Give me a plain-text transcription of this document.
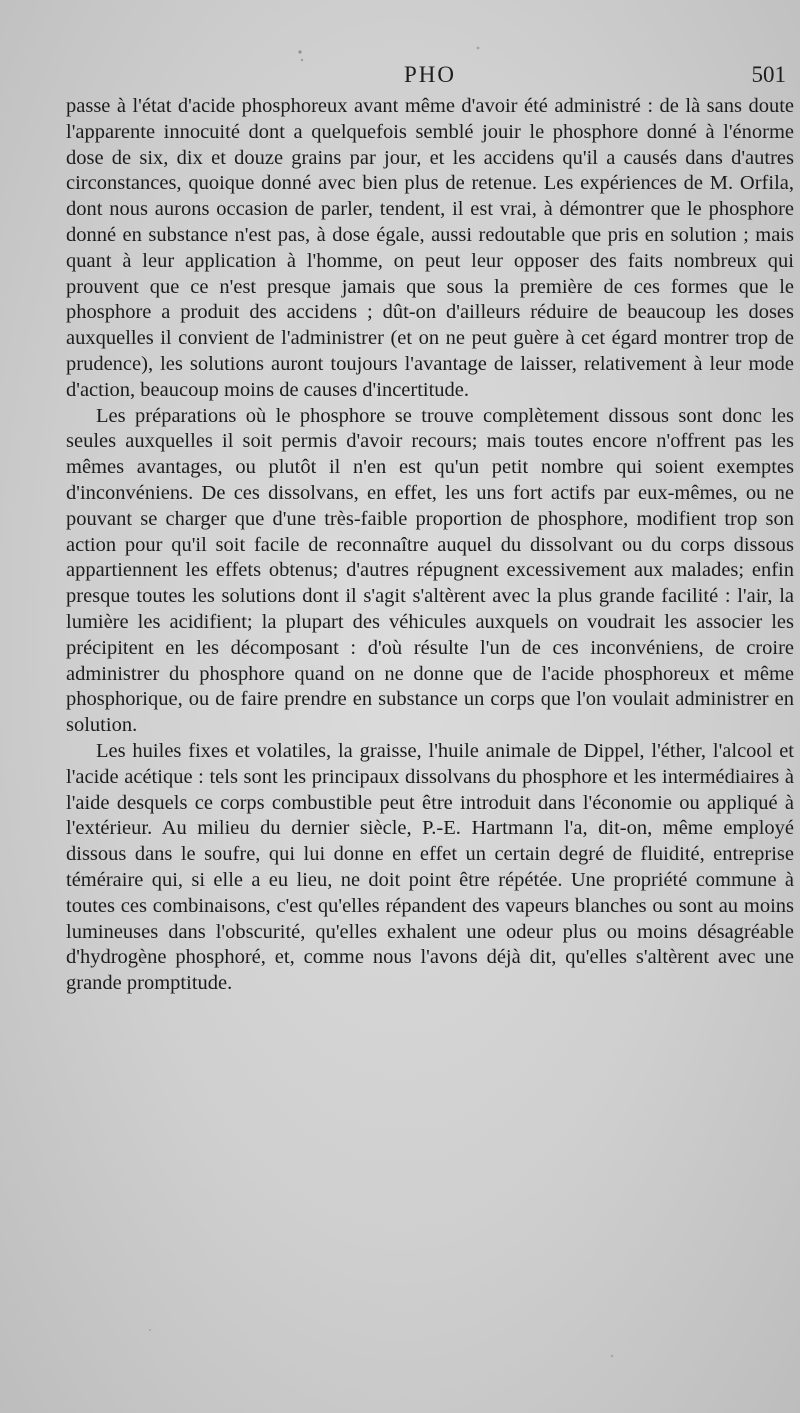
PHO	501

passe à l'état d'acide phosphoreux avant même d'avoir été administré : de là sans doute l'apparente innocuité dont a quelquefois semblé jouir le phosphore donné à l'énorme dose de six, dix et douze grains par jour, et les accidens qu'il a causés dans d'autres circonstances, quoique donné avec bien plus de retenue. Les expériences de M. Orfila, dont nous aurons occasion de parler, tendent, il est vrai, à démontrer que le phosphore donné en substance n'est pas, à dose égale, aussi redoutable que pris en solution ; mais quant à leur application à l'homme, on peut leur opposer des faits nombreux qui prouvent que ce n'est presque jamais que sous la première de ces formes que le phosphore a produit des accidens ; dût-on d'ailleurs réduire de beaucoup les doses auxquelles il convient de l'administrer (et on ne peut guère à cet égard montrer trop de prudence), les solutions auront toujours l'avantage de laisser, relativement à leur mode d'action, beaucoup moins de causes d'incertitude.

Les préparations où le phosphore se trouve complètement dissous sont donc les seules auxquelles il soit permis d'avoir recours; mais toutes encore n'offrent pas les mêmes avantages, ou plutôt il n'en est qu'un petit nombre qui soient exemptes d'inconvéniens. De ces dissolvans, en effet, les uns fort actifs par eux-mêmes, ou ne pouvant se charger que d'une très-faible proportion de phosphore, modifient trop son action pour qu'il soit facile de reconnaître auquel du dissolvant ou du corps dissous appartiennent les effets obtenus; d'autres répugnent excessivement aux malades; enfin presque toutes les solutions dont il s'agit s'altèrent avec la plus grande facilité : l'air, la lumière les acidifient; la plupart des véhicules auxquels on voudrait les associer les précipitent en les décomposant : d'où résulte l'un de ces inconvéniens, de croire administrer du phosphore quand on ne donne que de l'acide phosphoreux et même phosphorique, ou de faire prendre en substance un corps que l'on voulait administrer en solution.

Les huiles fixes et volatiles, la graisse, l'huile animale de Dippel, l'éther, l'alcool et l'acide acétique : tels sont les principaux dissolvans du phosphore et les intermédiaires à l'aide desquels ce corps combustible peut être introduit dans l'économie ou appliqué à l'extérieur. Au milieu du dernier siècle, P.-E. Hartmann l'a, dit-on, même employé dissous dans le soufre, qui lui donne en effet un certain degré de fluidité, entreprise téméraire qui, si elle a eu lieu, ne doit point être répétée. Une propriété commune à toutes ces combinaisons, c'est qu'elles répandent des vapeurs blanches ou sont au moins lumineuses dans l'obscurité, qu'elles exhalent une odeur plus ou moins désagréable d'hydrogène phosphoré, et, comme nous l'avons déjà dit, qu'elles s'altèrent avec une grande promptitude.
